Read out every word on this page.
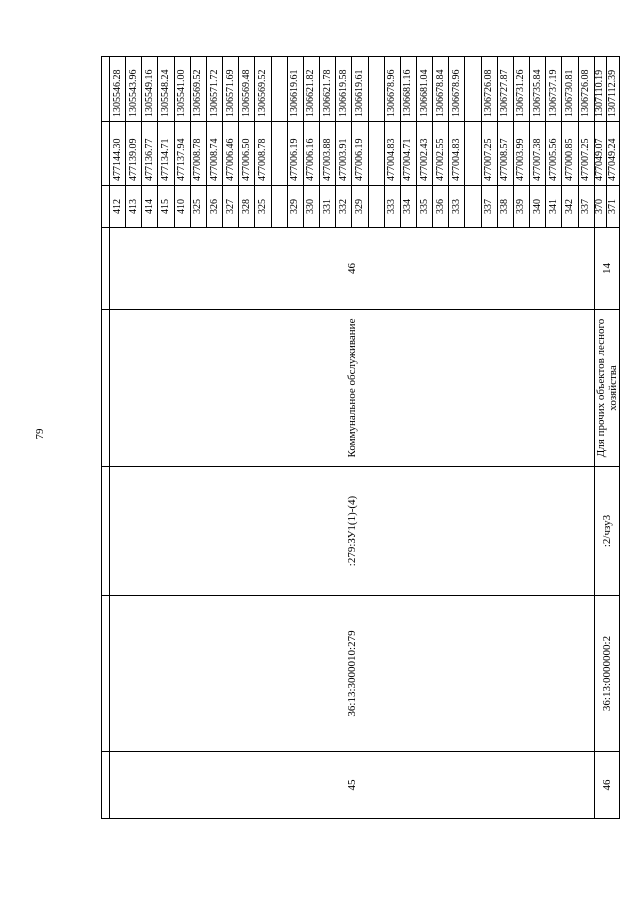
79

45	36:13:3000010:279	:279:ЗУ1(1)-(4)	Коммунальное обслуживание	46	412	477144.30	1305546.28
					413	477139.09	1305543.96
					414	477136.77	1305549.16
					415	477134.71	1305548.24
					410	477137.94	1305541.00
					325	477008.78	1306569.52
					326	477008.74	1306571.72
					327	477006.46	1306571.69
					328	477006.50	1306569.48
					325	477008.78	1306569.52

					329	477006.19	1306619.61
					330	477006.16	1306621.82
					331	477003.88	1306621.78
					332	477003.91	1306619.58
					329	477006.19	1306619.61

					333	477004.83	1306678.96
					334	477004.71	1306681.16
					335	477002.43	1306681.04
					336	477002.55	1306678.84
					333	477004.83	1306678.96

					337	477007.25	1306726.08
					338	477008.57	1306727.87
					339	477003.99	1306731.26
					340	477007.38	1306735.84
					341	477005.56	1306737.19
					342	477000.85	1306730.81
					337	477007.25	1306726.08
46	36:13:0000000:2	:2/чзу3	Для прочих объектов лесного хозяйства	14	370	477049.07	1307110.19
					371	477049.24	1307112.39
